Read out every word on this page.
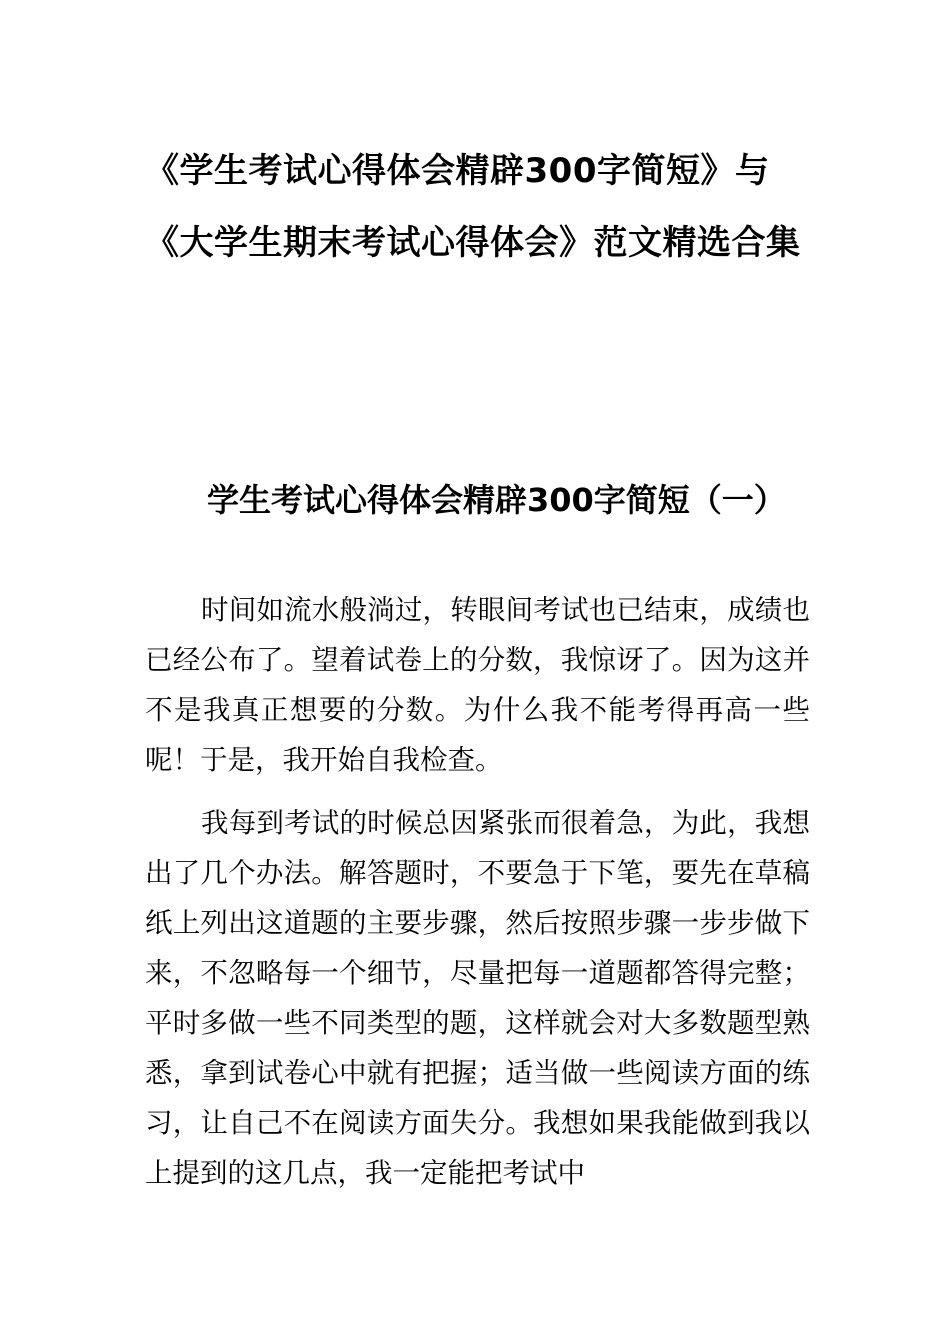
《学生考试心得体会精辟300字简短》与《大学生期末考试心得体会》范文精选合集
学生考试心得体会精辟300字简短（一）

时间如流水般淌过，转眼间考试也已结束，成绩也已经公布了。望着试卷上的分数，我惊讶了。因为这并不是我真正想要的分数。为什么我不能考得再高一些呢！于是，我开始自我检查。

我每到考试的时候总因紧张而很着急，为此，我想出了几个办法。解答题时，不要急于下笔，要先在草稿纸上列出这道题的主要步骤，然后按照步骤一步步做下来，不忽略每一个细节，尽量把每一道题都答得完整；平时多做一些不同类型的题，这样就会对大多数题型熟悉，拿到试卷心中就有把握；适当做一些阅读方面的练习，让自己不在阅读方面失分。我想如果我能做到我以上提到的这几点，我一定能把考试中
